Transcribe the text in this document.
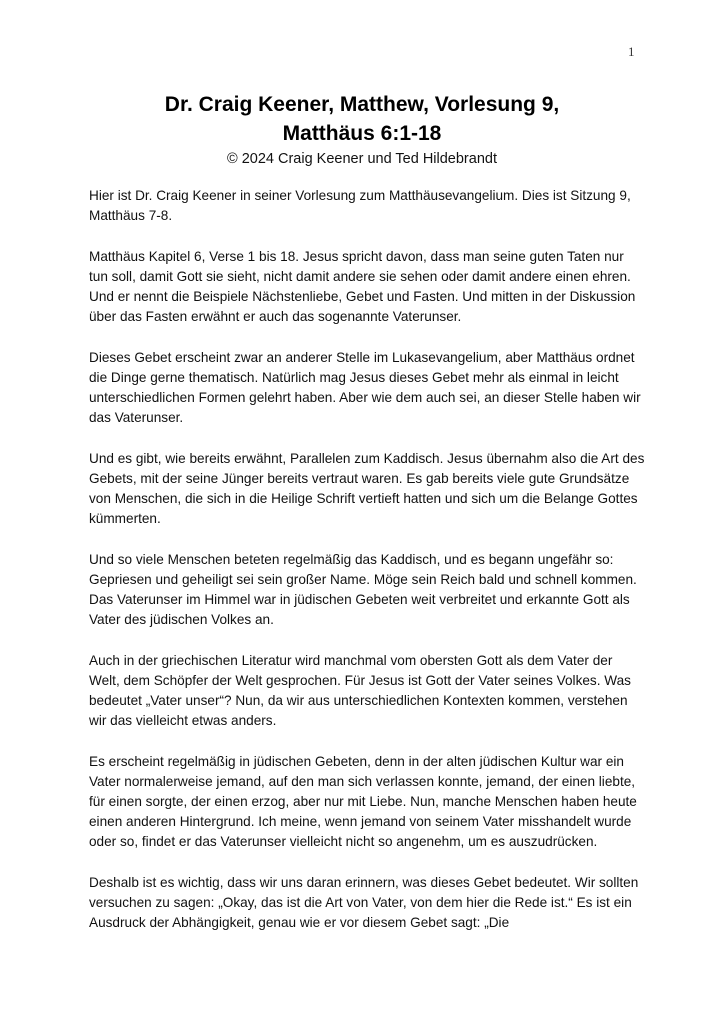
1
Dr. Craig Keener, Matthew, Vorlesung 9,
Matthäus 6:1-18
© 2024 Craig Keener und Ted Hildebrandt

Hier ist Dr. Craig Keener in seiner Vorlesung zum Matthäusevangelium. Dies ist Sitzung 9, Matthäus 7-8.

Matthäus Kapitel 6, Verse 1 bis 18. Jesus spricht davon, dass man seine guten Taten nur tun soll, damit Gott sie sieht, nicht damit andere sie sehen oder damit andere einen ehren. Und er nennt die Beispiele Nächstenliebe, Gebet und Fasten. Und mitten in der Diskussion über das Fasten erwähnt er auch das sogenannte Vaterunser.

Dieses Gebet erscheint zwar an anderer Stelle im Lukasevangelium, aber Matthäus ordnet die Dinge gerne thematisch. Natürlich mag Jesus dieses Gebet mehr als einmal in leicht unterschiedlichen Formen gelehrt haben. Aber wie dem auch sei, an dieser Stelle haben wir das Vaterunser.

Und es gibt, wie bereits erwähnt, Parallelen zum Kaddisch. Jesus übernahm also die Art des Gebets, mit der seine Jünger bereits vertraut waren. Es gab bereits viele gute Grundsätze von Menschen, die sich in die Heilige Schrift vertieft hatten und sich um die Belange Gottes kümmerten.

Und so viele Menschen beteten regelmäßig das Kaddisch, und es begann ungefähr so: Gepriesen und geheiligt sei sein großer Name. Möge sein Reich bald und schnell kommen. Das Vaterunser im Himmel war in jüdischen Gebeten weit verbreitet und erkannte Gott als Vater des jüdischen Volkes an.

Auch in der griechischen Literatur wird manchmal vom obersten Gott als dem Vater der Welt, dem Schöpfer der Welt gesprochen. Für Jesus ist Gott der Vater seines Volkes. Was bedeutet „Vater unser“? Nun, da wir aus unterschiedlichen Kontexten kommen, verstehen wir das vielleicht etwas anders.

Es erscheint regelmäßig in jüdischen Gebeten, denn in der alten jüdischen Kultur war ein Vater normalerweise jemand, auf den man sich verlassen konnte, jemand, der einen liebte, für einen sorgte, der einen erzog, aber nur mit Liebe. Nun, manche Menschen haben heute einen anderen Hintergrund. Ich meine, wenn jemand von seinem Vater misshandelt wurde oder so, findet er das Vaterunser vielleicht nicht so angenehm, um es auszudrücken.

Deshalb ist es wichtig, dass wir uns daran erinnern, was dieses Gebet bedeutet. Wir sollten versuchen zu sagen: „Okay, das ist die Art von Vater, von dem hier die Rede ist.“ Es ist ein Ausdruck der Abhängigkeit, genau wie er vor diesem Gebet sagt: „Die
